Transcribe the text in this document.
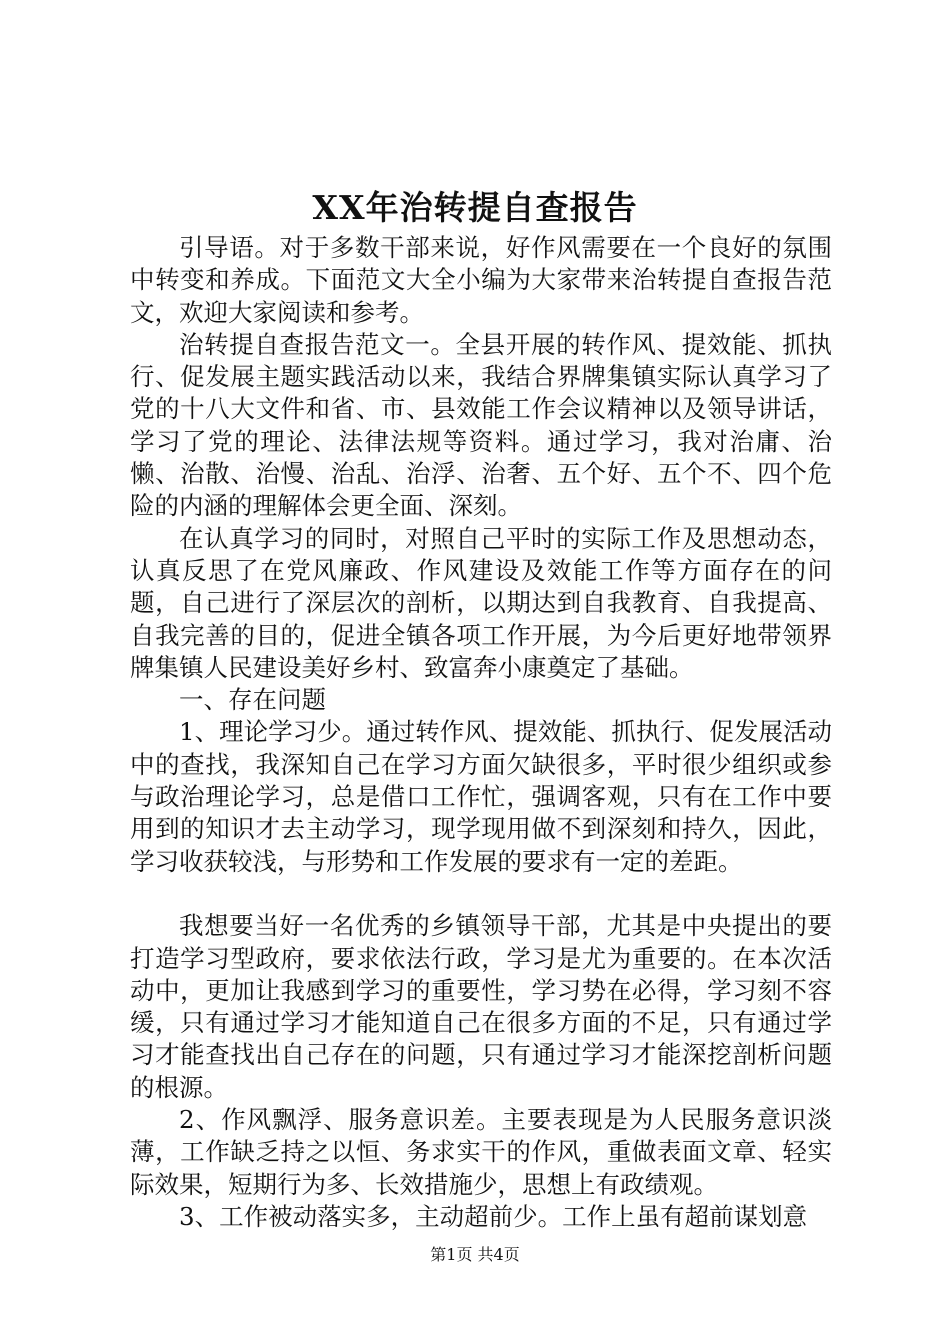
XX年治转提自查报告

引导语。对于多数干部来说，好作风需要在一个良好的氛围中转变和养成。下面范文大全小编为大家带来治转提自查报告范文，欢迎大家阅读和参考。

治转提自查报告范文一。全县开展的转作风、提效能、抓执行、促发展主题实践活动以来，我结合界牌集镇实际认真学习了党的十八大文件和省、市、县效能工作会议精神以及领导讲话，学习了党的理论、法律法规等资料。通过学习，我对治庸、治懒、治散、治慢、治乱、治浮、治奢、五个好、五个不、四个危险的内涵的理解体会更全面、深刻。

在认真学习的同时，对照自己平时的实际工作及思想动态，认真反思了在党风廉政、作风建设及效能工作等方面存在的问题，自己进行了深层次的剖析，以期达到自我教育、自我提高、自我完善的目的，促进全镇各项工作开展，为今后更好地带领界牌集镇人民建设美好乡村、致富奔小康奠定了基础。

一、存在问题

1、理论学习少。通过转作风、提效能、抓执行、促发展活动中的查找，我深知自己在学习方面欠缺很多，平时很少组织或参与政治理论学习，总是借口工作忙，强调客观，只有在工作中要用到的知识才去主动学习，现学现用做不到深刻和持久，因此，学习收获较浅，与形势和工作发展的要求有一定的差距。

我想要当好一名优秀的乡镇领导干部，尤其是中央提出的要打造学习型政府，要求依法行政，学习是尤为重要的。在本次活动中，更加让我感到学习的重要性，学习势在必得，学习刻不容缓，只有通过学习才能知道自己在很多方面的不足，只有通过学习才能查找出自己存在的问题，只有通过学习才能深挖剖析问题的根源。

2、作风飘浮、服务意识差。主要表现是为人民服务意识淡薄，工作缺乏持之以恒、务求实干的作风，重做表面文章、轻实际效果，短期行为多、长效措施少，思想上有政绩观。

3、工作被动落实多，主动超前少。工作上虽有超前谋划意

第1页 共4页
